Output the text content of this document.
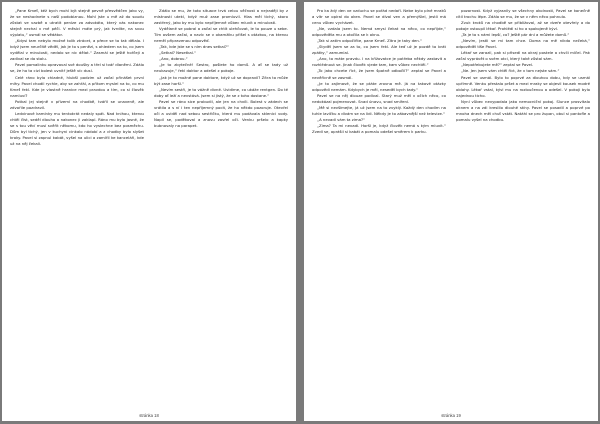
„Pane Kmeť, kéž bych mohl být stejně pevně přesvědčen jako vy, že se neshodnete s naší podobiznou. Mohl jste u mě až do soudu zůstat ve vazbě a utratit peníze za advokáta, který vás nakonec stejně nechal v mé péči. V měsíci máte prý, jak tvrdíte, na svou výplatu,“ usmál se vědátor.

„Kdysi tam nebylo možné tolik ztrácet, a přece se to tak dělalo. I když jsem neurčitě věděl, jak je to s penězi, s ohledem na to, co jsem vydělal v minulosti, nedalo se nic dělat.“ Zasmál se ještě hořčeji a zadíval se do stolu.

Pavel pomalinku opravoval své doušky a třel si tvář dlaněmi. Zdálo se, že ho ta cizí bolest uvnitř ještě víc dusí.

Celé ráno bylo chladné, hlubší podzim už začal přinášet první mlhy. Pavel chodil rychle, aby se zahřál, a přitom myslel na to, co mu Kmeť řekl. Kde je vlastně hranice mezi pravdou a tím, co si člověk namluví?

Potkal jej stejně v přízemí na chodbě, tvářil se unaveně, ale zdvořile pozdravil.

Ledvinové kamínky mu tentokrát nedaly spát. Nad knihou, kterou chtěl číst, seděl dlouho a nakonec ji zaklapl. Ráno mu bylo jasné, že se s tou věcí musí svěřit někomu, kdo ho vyslechne bez posměchu. Dům byl tichý, jen v kuchyni cinkalo nádobí a z chodby bylo slyšet kroky. Pavel si zapnul kabát, vyšel na ulici a zamířil ke kanceláři, kde už na něj čekali.

Zdálo se mu, že toto situace trvá celou věčnost a nejraději by z místnosti utekl, když muž zase promluvil. Hlas měl tichý, skoro zastřený, jako by mu bylo nepříjemné vůbec mluvit o minulosti.

Vydělané se pobral a začal se chtít ulehčovat, le to pouze u sebe. Tím ovšem začal, a navíc se v okamžiku přišel s otázkou, na kterou neměl připravenou odpověď.

„Tak, kde jste se s ním dnes setkal?“

„Setkal? Nesetkal.“

„Ano, dobrou.“

„Je to zbytečné! Sestro, pošlete ho domů. A ať se tady už neukazuje,“ řekl doktor a odešel z pokoje.

„Jak je to možné pane doktore, když už se dopravil? Zítra to může být zase horší.“

„Nevím sestři, je to vážně divné. Uvidíme, co ukáže rentgen. Do té doby ať leží a nevstává. Jsem si jistý, že se z toho dostane.“

Pavel se ráno sice probudil, ale jen na chvíli. Bolest v zádech se vrátila a s ní i ten nepříjemný pocit, že ho někdo pozoruje. Otevřel oči a uviděl nad sebou sestřičku, která mu podávala sklenici vody. Napil se, poděkoval a znovu zavřel oči. Venku pršelo a kapky bubnovaly na parapet.

stránka 18

Pro ka ždý den ve vzduchu se pořád nedaří. Nebe bylo plné mraků a vítr se opíral do oken. Pavel se díval ven a přemýšlel, jestli má cenu vůbec vycházet.

„Ne, vzdala jsem to. Nemá smysl čekat na něco, co nepřijde,“ odpověděla mu a otočila se k oknu.

„Tak si zatím odpočiňte, pane Kmeť. Zítra je taky den.“

„Styděl jsem se za to, co jsem řekl. Ale teď už je pozdě to brát zpátky,“ zamumlal.

„Ano, to máte pravdu. I na křižovatce je potřeba někdy zastavit a rozhlédnout se. Jinak člověk vjede tam, kam vůbec nechtěl.“

„To jako chcete říct, že jsem špatně odbočil?“ zeptal se Pavel a nevěřícně se zasmál.

„Je to zajímavé, že se ptáte zrovna mě. Já na takové otázky odpovědi nemám. Kdybych je měl, neseděl bych tady.“

Pavel se na něj dlouze podíval. Starý muž měl v očích něco, co nedokázal pojmenovat. Snad únavu, snad smíření.

„Mě si nevšímejte, já už jsem na to zvyklý. Každý den chodím na tuhle lavičku a dívám se na lidi. Někdy je to zábavnější než televize.“

„A nevadí vám ta zima?“

„Zima? Ta mi nevadí. Horší je, když člověk nemá s kým mluvit.“ Zvedl se, oprášil si kabát a pomalu odešel směrem k parku.

pozornost. Když vyjasnily se všechny okolnosti, Pavel se konečně cítil trochu lépe. Zdálo se mu, že se v něm něco pohnulo.

Zvuk kroků na chodbě se přibližoval, až se dveře otevřely a do pokoje vstoupil lékař. Prohlédl si ho a spokojeně kývl.

„Ta je to s námi lepší, co? Ještě pár dní a můžete domů.“

„Nevím, jestli se mi tam chce. Doma na mě nikdo nečeká,“ odpověděl tiše Pavel.

Lékař se zarazil, pak si přisedl na okraj postele a chvíli mlčel. Pak začal vyprávět o svém otci, který také zůstal sám.

„Nepotřebujete mě?“ zeptal se Pavel.

„Ne. Jen jsem vám chtěl říct, že v tom nejste sám.“

Pavel se usmál. Bylo to poprvé za dlouhou dobu, kdy se usmál upřímně. Venku přestalo pršet a mezi mraky se objevil kousek modré oblohy. Lékař vstal, kývl mu na rozloučenou a odešel. V pokoji bylo najednou ticho.

Nyní vůbec nevypadala jako nemocniční pokoj. Slunce prosvítalo oknem a na zdi kreslilo dlouhé stíny. Pavel se posadil a poprvé po mnoha dnech měl chuť vstát. Natáhl se pro župan, obul si pantofle a pomalu vyšel na chodbu.

stránka 19
